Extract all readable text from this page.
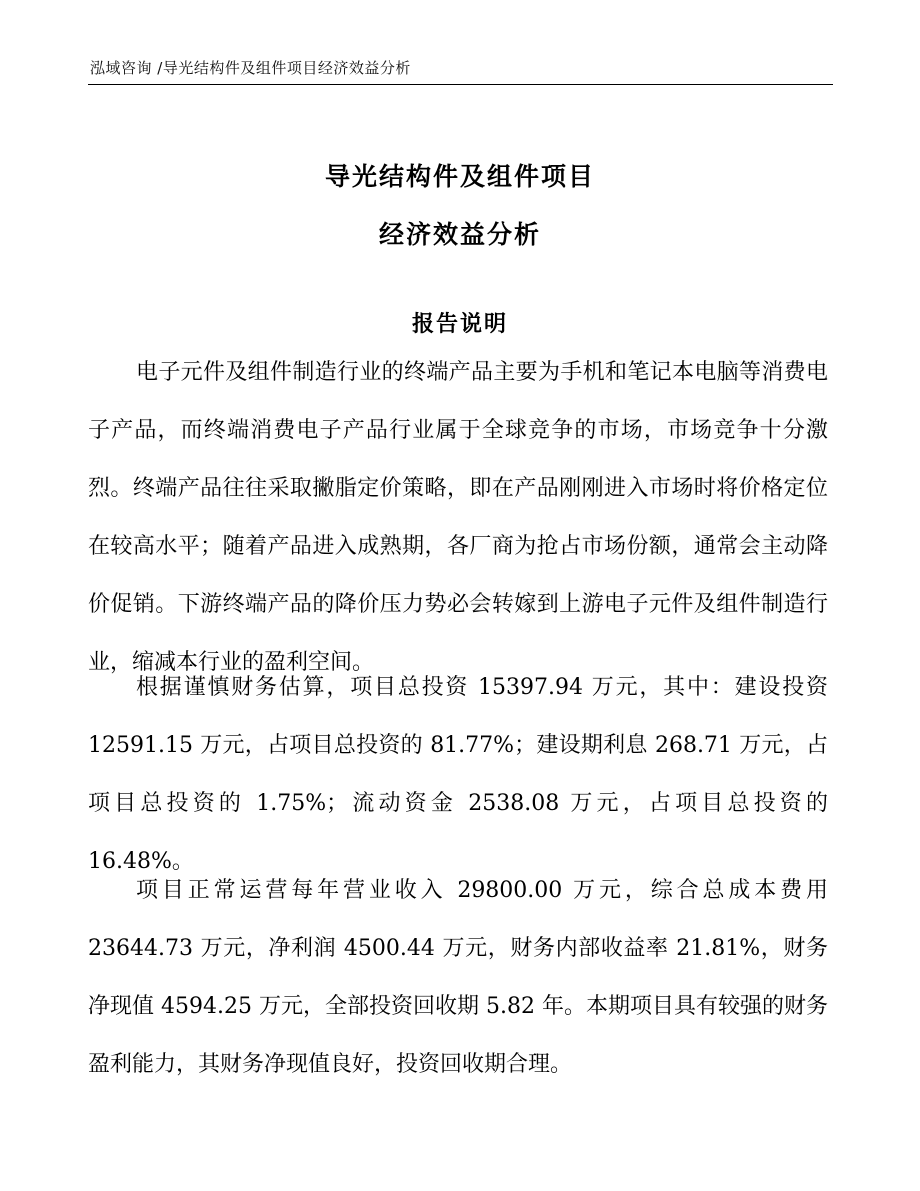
泓域咨询 /导光结构件及组件项目经济效益分析
导光结构件及组件项目
经济效益分析
报告说明

电子元件及组件制造行业的终端产品主要为手机和笔记本电脑等消费电子产品，而终端消费电子产品行业属于全球竞争的市场，市场竞争十分激烈。终端产品往往采取撇脂定价策略，即在产品刚刚进入市场时将价格定位在较高水平；随着产品进入成熟期，各厂商为抢占市场份额，通常会主动降价促销。下游终端产品的降价压力势必会转嫁到上游电子元件及组件制造行业，缩减本行业的盈利空间。

根据谨慎财务估算，项目总投资 15397.94 万元，其中：建设投资 12591.15 万元，占项目总投资的 81.77%；建设期利息 268.71 万元，占项目总投资的 1.75%；流动资金 2538.08 万元，占项目总投资的 16.48%。

项目正常运营每年营业收入 29800.00 万元，综合总成本费用 23644.73 万元，净利润 4500.44 万元，财务内部收益率 21.81%，财务净现值 4594.25 万元，全部投资回收期 5.82 年。本期项目具有较强的财务盈利能力，其财务净现值良好，投资回收期合理。
